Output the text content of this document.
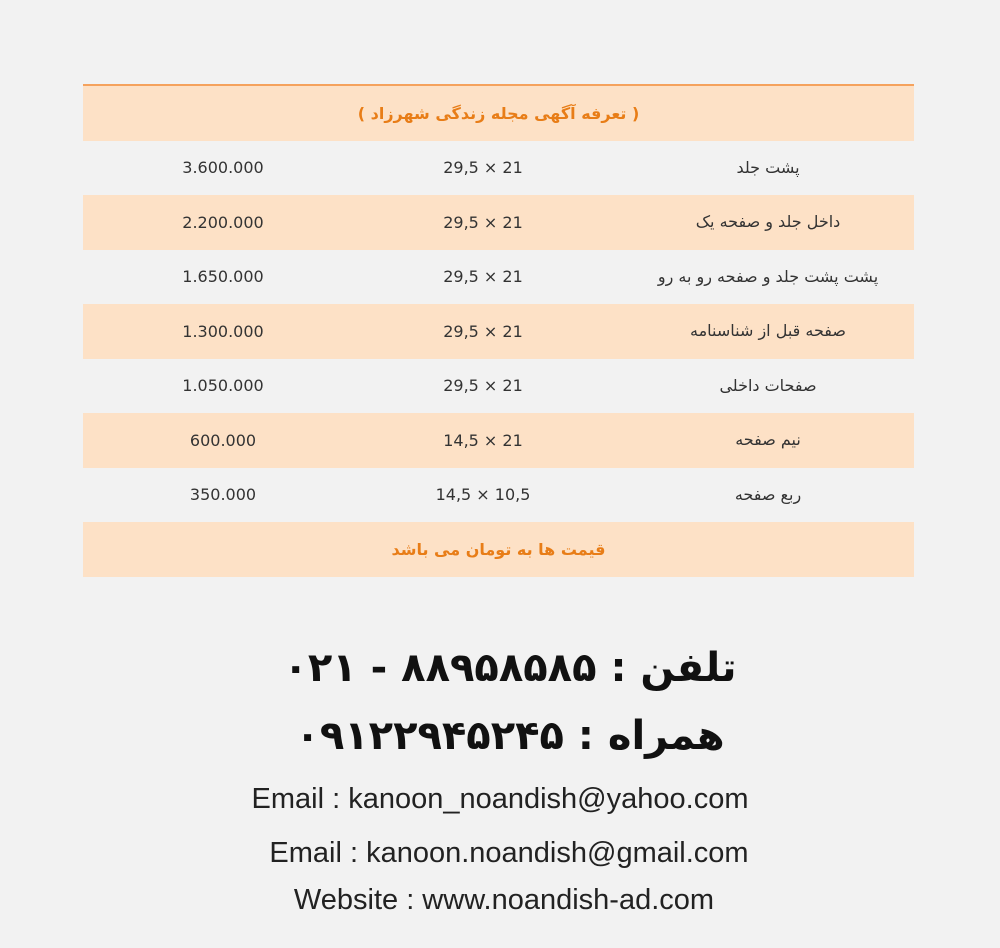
( تعرفه آگهی مجله زندگی شهرزاد )
3.600.000	29,5 × 21	پشت جلد
2.200.000	29,5 × 21	داخل جلد و صفحه یک
1.650.000	29,5 × 21	پشت پشت جلد و صفحه رو به رو
1.300.000	29,5 × 21	صفحه قبل از شناسنامه
1.050.000	29,5 × 21	صفحات داخلی
600.000	14,5 × 21	نیم صفحه
350.000	14,5 × 10,5	ربع صفحه
قیمت ها به تومان می باشد
تلفن : ۰۲۱ - ۸۸۹۵۸۵۸۵
همراه : ۰۹۱۲۲۹۴۵۲۴۵
Email : kanoon_noandish@yahoo.com
Email : kanoon.noandish@gmail.com
Website : www.noandish-ad.com
